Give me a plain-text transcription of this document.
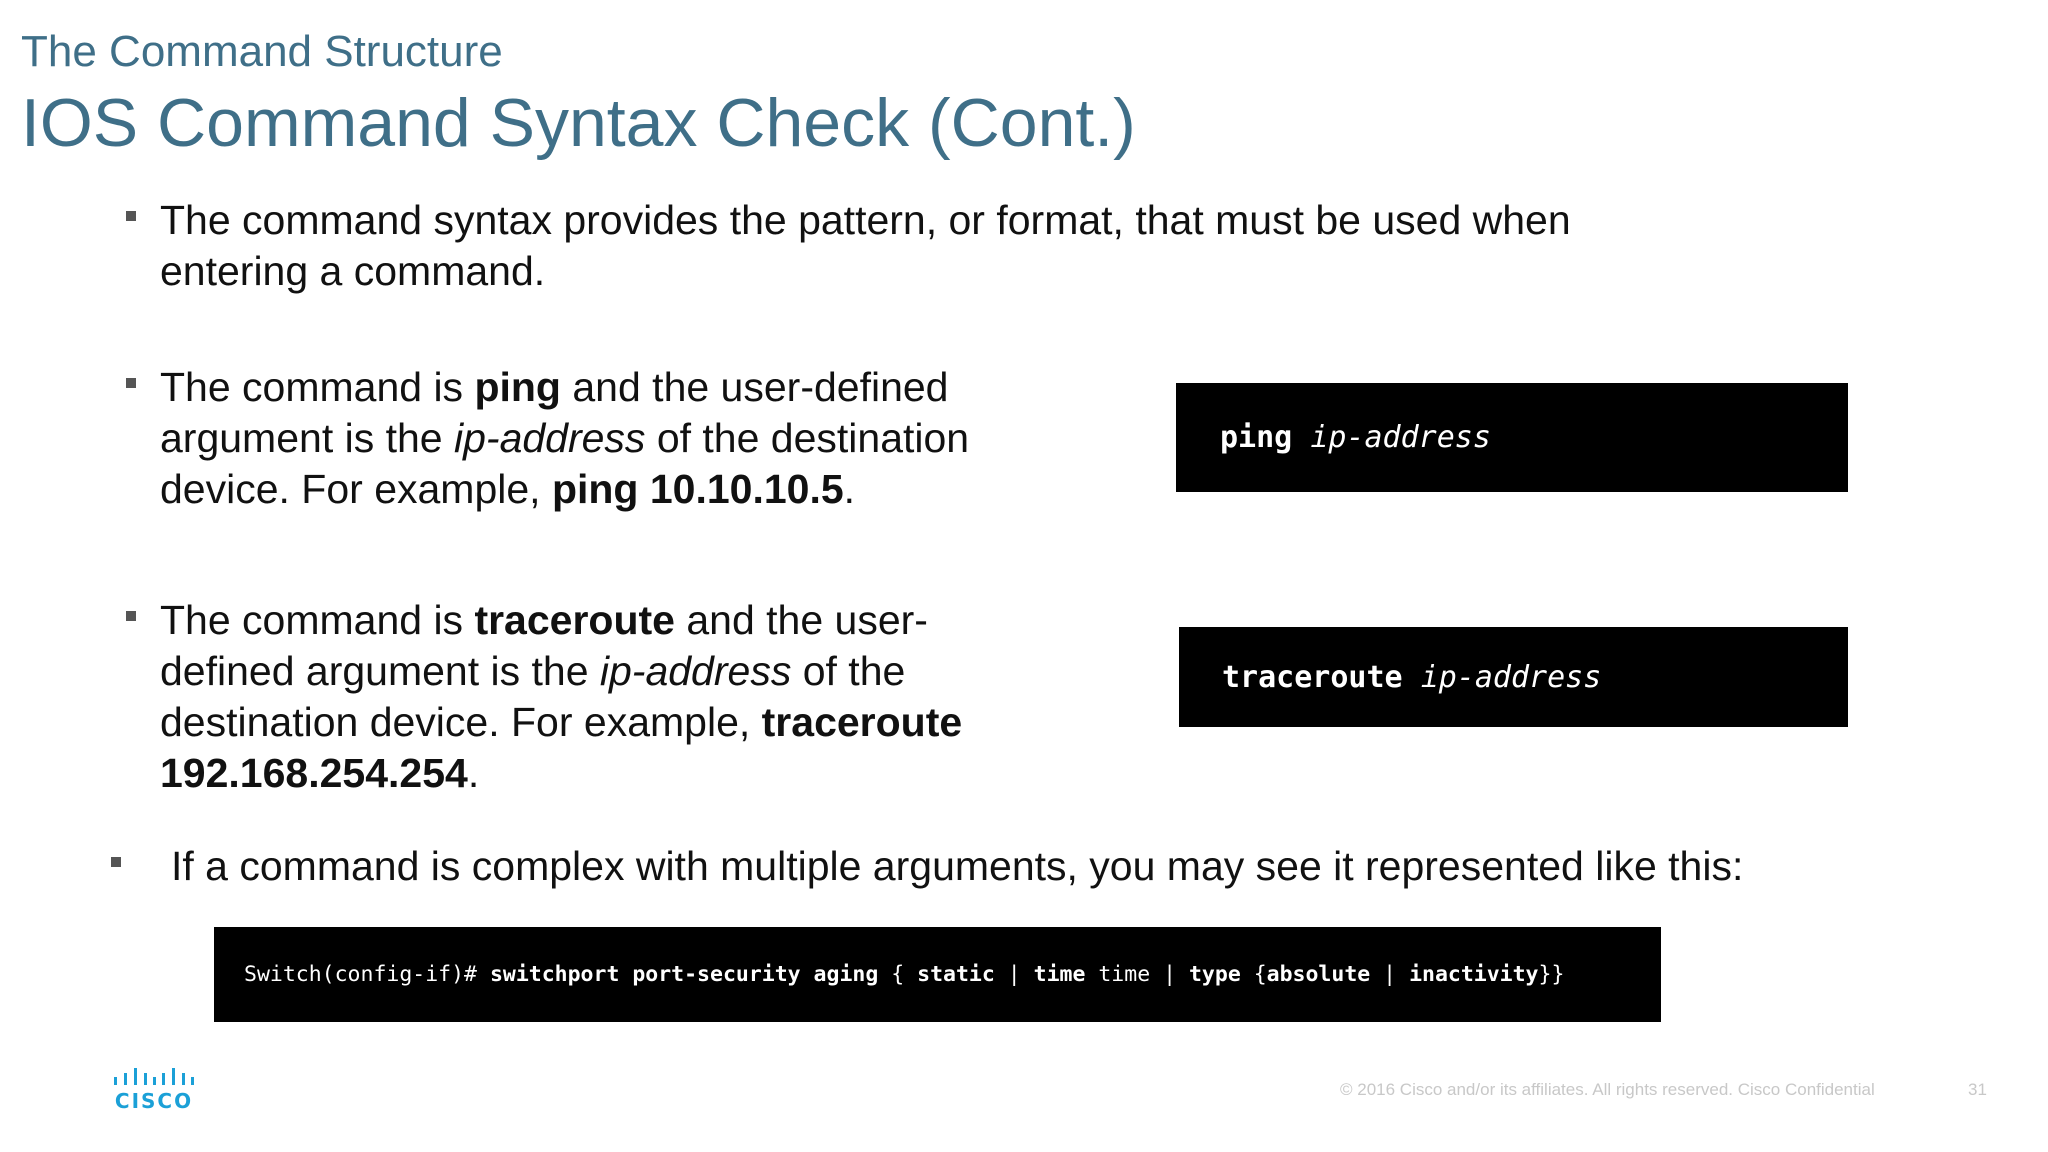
The Command Structure
IOS Command Syntax Check (Cont.)

The command syntax provides the pattern, or format, that must be used when entering a command.

The command is ping and the user-defined argument is the ip-address of the destination device. For example, ping 10.10.10.5.

The command is traceroute and the user-defined argument is the ip-address of the destination device. For example, traceroute 192.168.254.254.

ping
ip-address
traceroute
ip-address

If a command is complex with multiple arguments, you may see it represented like this:

Switch(config-if)# switchport port-security aging { static | time time | type { absolute | inactivity }}
CISCO	© 2016 Cisco and/or its affiliates. All rights reserved. Cisco Confidential	31
